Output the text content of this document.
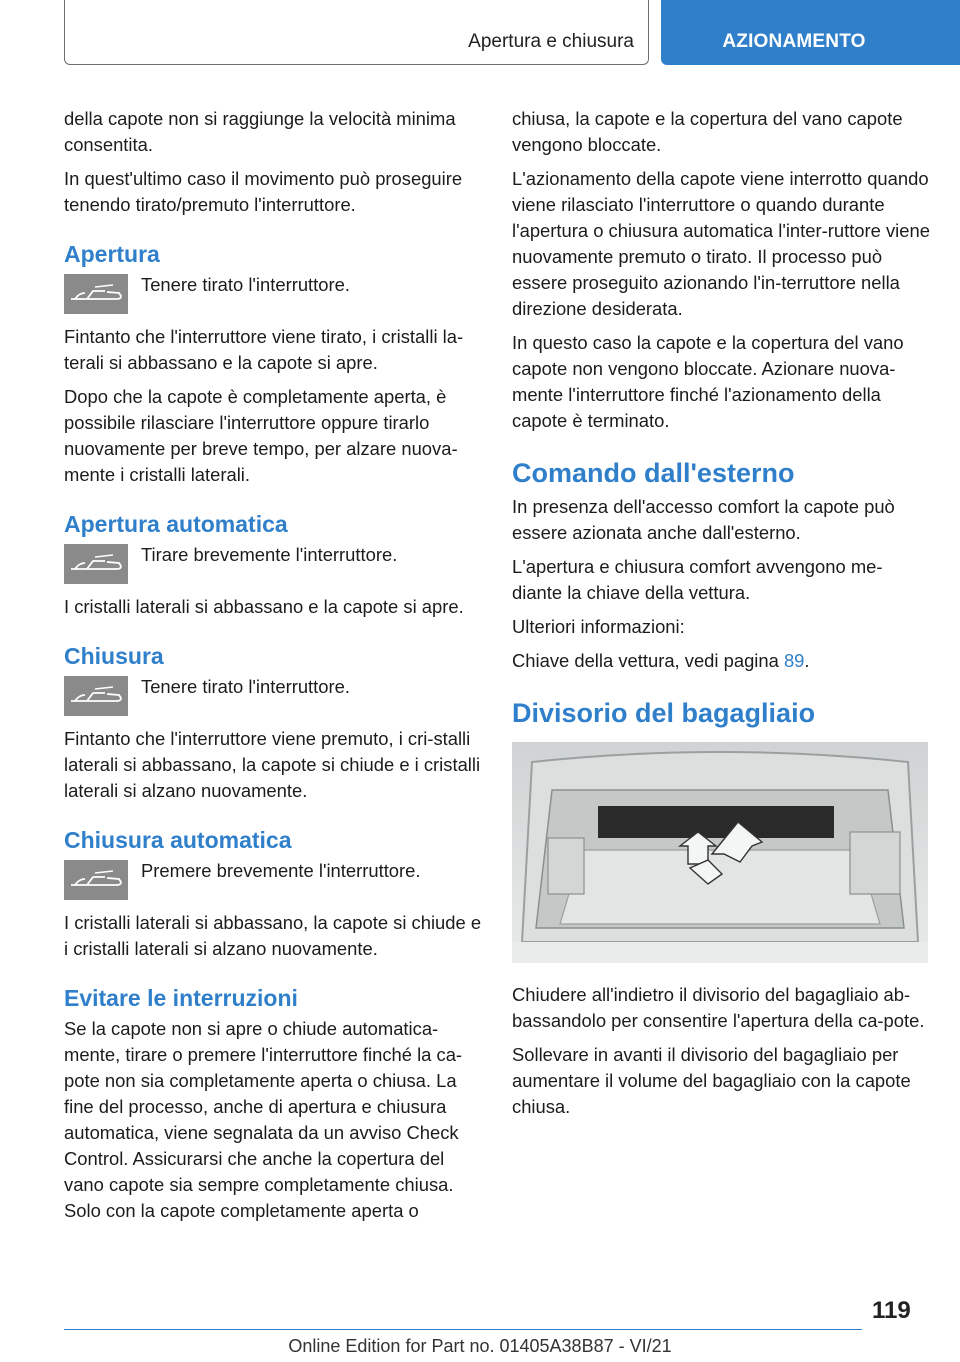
Apertura e chiusura	AZIONAMENTO

della capote non si raggiunge la velocità minima consentita.

In quest'ultimo caso il movimento può proseguire tenendo tirato/premuto l'interruttore.

Apertura

Tenere tirato l'interruttore.

Fintanto che l'interruttore viene tirato, i cristalli la‐terali si abbassano e la capote si apre.

Dopo che la capote è completamente aperta, è possibile rilasciare l'interruttore oppure tirarlo nuovamente per breve tempo, per alzare nuova‐mente i cristalli laterali.

Apertura automatica

Tirare brevemente l'interruttore.

I cristalli laterali si abbassano e la capote si apre.

Chiusura

Tenere tirato l'interruttore.

Fintanto che l'interruttore viene premuto, i cri‐stalli laterali si abbassano, la capote si chiude e i cristalli laterali si alzano nuovamente.

Chiusura automatica

Premere brevemente l'interruttore.

I cristalli laterali si abbassano, la capote si chiude e i cristalli laterali si alzano nuovamente.

Evitare le interruzioni

Se la capote non si apre o chiude automatica‐mente, tirare o premere l'interruttore finché la ca‐pote non sia completamente aperta o chiusa. La fine del processo, anche di apertura e chiusura automatica, viene segnalata da un avviso Check Control. Assicurarsi che anche la copertura del vano capote sia sempre completamente chiusa. Solo con la capote completamente aperta o

chiusa, la capote e la copertura del vano capote vengono bloccate.

L'azionamento della capote viene interrotto quando viene rilasciato l'interruttore o quando durante l'apertura o chiusura automatica l'inter‐ruttore viene nuovamente premuto o tirato. Il processo può essere proseguito azionando l'in‐terruttore nella direzione desiderata.

In questo caso la capote e la copertura del vano capote non vengono bloccate. Azionare nuova‐mente l'interruttore finché l'azionamento della capote è terminato.

Comando dall'esterno

In presenza dell'accesso comfort la capote può essere azionata anche dall'esterno.

L'apertura e chiusura comfort avvengono me‐diante la chiave della vettura.

Ulteriori informazioni:

Chiave della vettura, vedi pagina 89.

Divisorio del bagagliaio

Chiudere all'indietro il divisorio del bagagliaio ab‐bassandolo per consentire l'apertura della ca‐pote.

Sollevare in avanti il divisorio del bagagliaio per aumentare il volume del bagagliaio con la capote chiusa.

119
Online Edition for Part no. 01405A38B87 - VI/21
